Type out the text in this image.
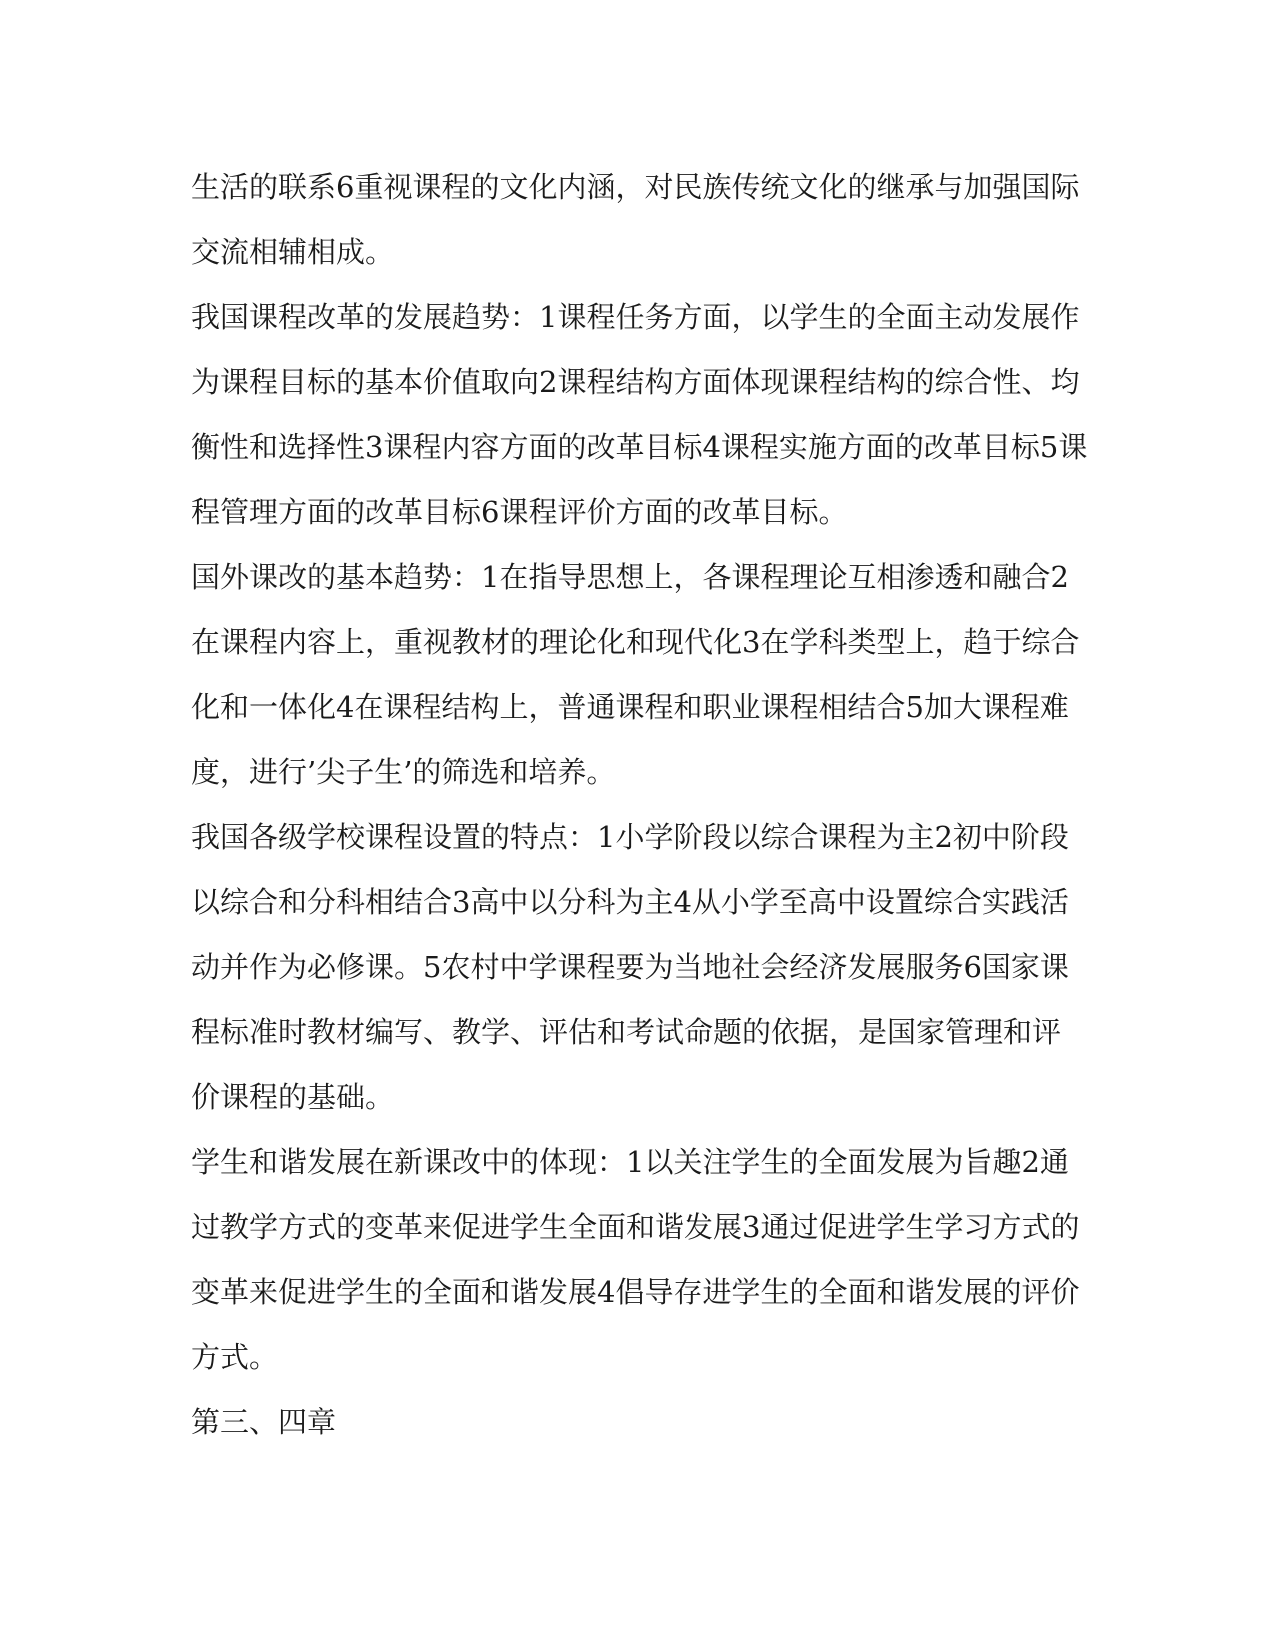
生活的联系6重视课程的文化内涵，对民族传统文化的继承与加强国际
交流相辅相成。

我国课程改革的发展趋势：1课程任务方面，以学生的全面主动发展作
为课程目标的基本价值取向2课程结构方面体现课程结构的综合性、均
衡性和选择性3课程内容方面的改革目标4课程实施方面的改革目标5课
程管理方面的改革目标6课程评价方面的改革目标。

国外课改的基本趋势：1在指导思想上，各课程理论互相渗透和融合2
在课程内容上，重视教材的理论化和现代化3在学科类型上，趋于综合
化和一体化4在课程结构上，普通课程和职业课程相结合5加大课程难
度，进行’尖子生’的筛选和培养。

我国各级学校课程设置的特点：1小学阶段以综合课程为主2初中阶段
以综合和分科相结合3高中以分科为主4从小学至高中设置综合实践活
动并作为必修课。5农村中学课程要为当地社会经济发展服务6国家课
程标准时教材编写、教学、评估和考试命题的依据，是国家管理和评
价课程的基础。

学生和谐发展在新课改中的体现：1以关注学生的全面发展为旨趣2通
过教学方式的变革来促进学生全面和谐发展3通过促进学生学习方式的
变革来促进学生的全面和谐发展4倡导存进学生的全面和谐发展的评价
方式。

第三、四章
